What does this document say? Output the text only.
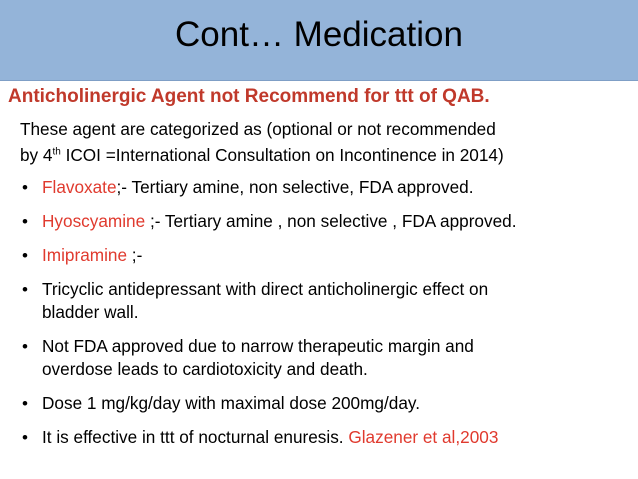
Cont… Medication
Anticholinergic Agent not Recommend for ttt of QAB.
These agent are categorized as (optional or not recommended
by 4th ICOI =International Consultation on Incontinence in 2014)
• Flavoxate;- Tertiary amine, non selective, FDA approved.
• Hyoscyamine ;- Tertiary amine , non selective , FDA approved.
• Imipramine ;-
• Tricyclic antidepressant with direct anticholinergic effect on
bladder wall.
• Not FDA approved due to narrow therapeutic margin and
overdose leads to cardiotoxicity and death.
• Dose 1 mg/kg/day with maximal dose 200mg/day.
• It is effective in ttt of nocturnal enuresis. Glazener et al,2003
